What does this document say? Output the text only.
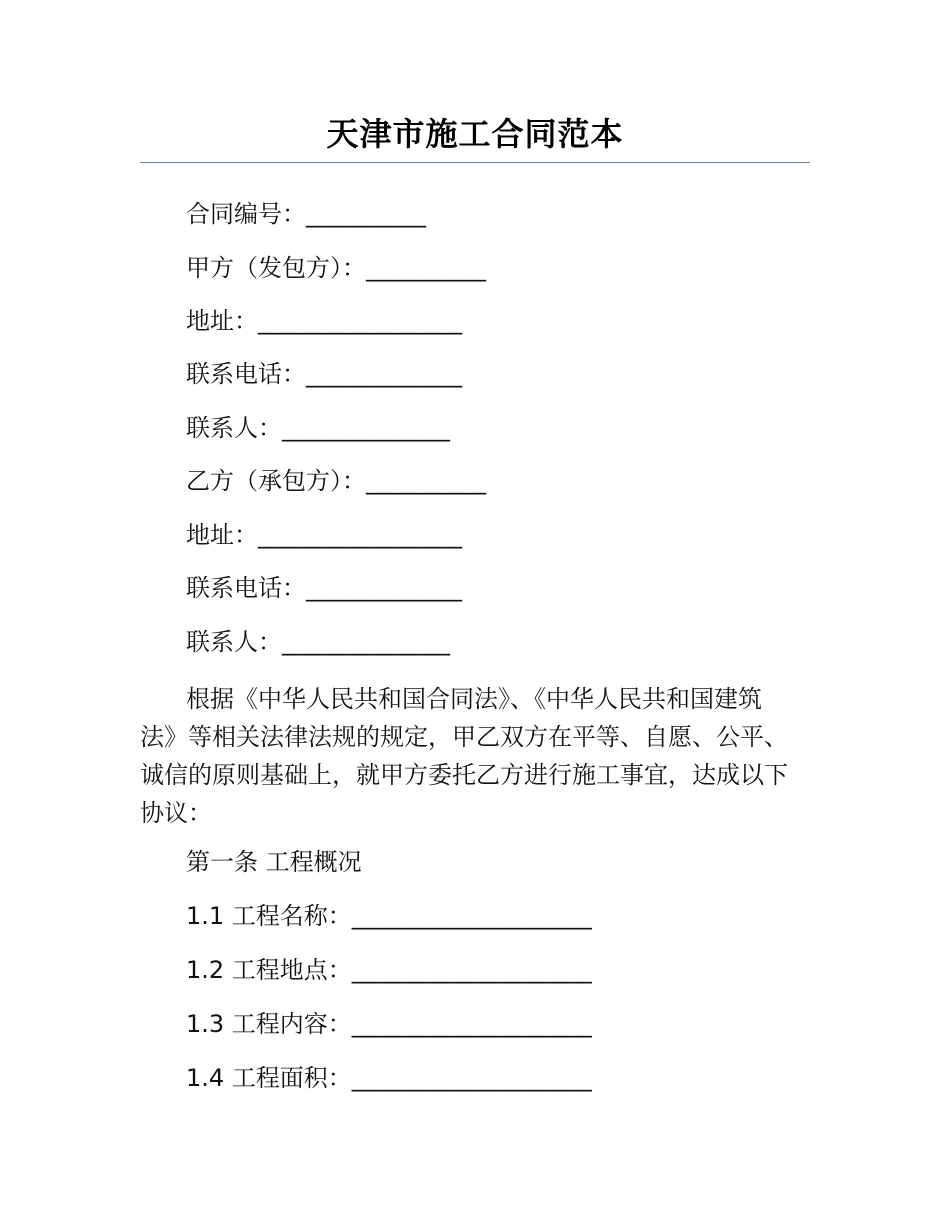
天津市施工合同范本
合同编号：__________
甲方（发包方）：__________
地址：_________________
联系电话：_____________
联系人：______________
乙方（承包方）：__________
地址：_________________
联系电话：_____________
联系人：______________
根据《中华人民共和国合同法》、《中华人民共和国建筑
法》等相关法律法规的规定，甲乙双方在平等、自愿、公平、
诚信的原则基础上，就甲方委托乙方进行施工事宜，达成以下
协议：
第一条 工程概况
1.1 工程名称：____________________
1.2 工程地点：____________________
1.3 工程内容：____________________
1.4 工程面积：____________________
